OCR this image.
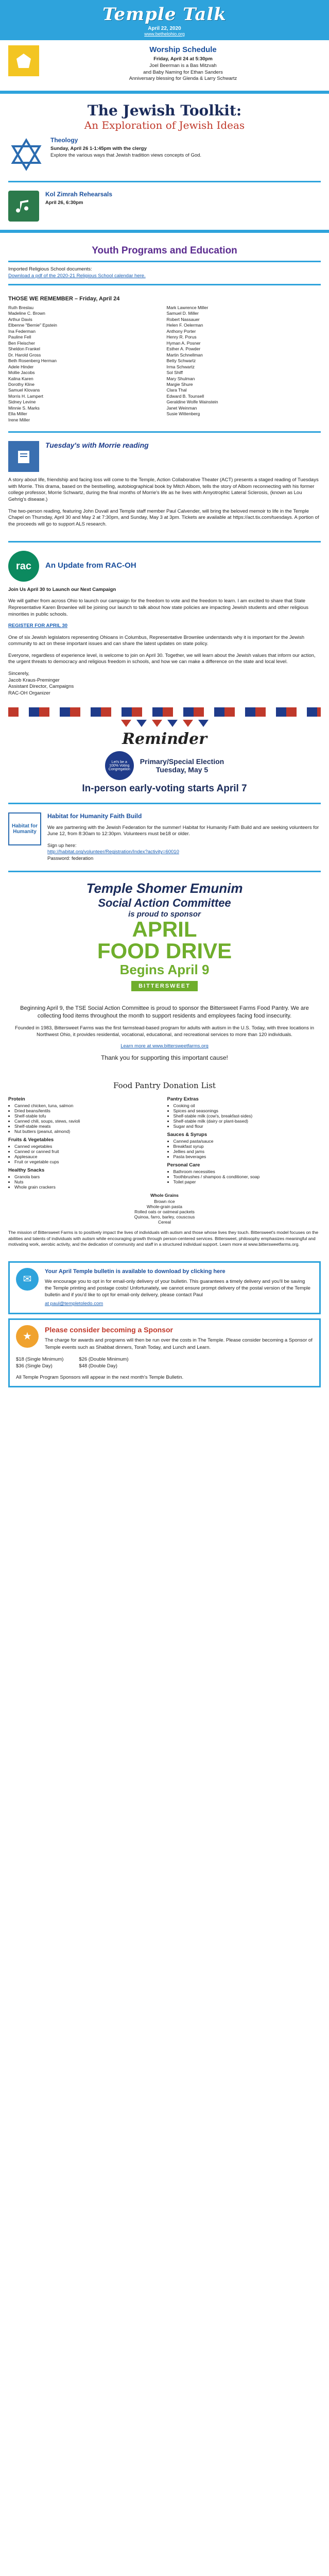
Temple Talk
April 22, 2020
www.bethelohio.org
Worship Schedule
Friday, April 24 at 5:30pm
Joel Beerman is a Bas Mitzvah
and Baby Naming for Ethan Sanders
Anniversary blessing for Glenda & Larry Schwartz
The Jewish Toolkit:
An Exploration of Jewish Ideas
Theology
Sunday, April 26 1-1:45pm with the clergy
Explore the various ways that Jewish tradition views concepts of God.
Kol Zimrah Rehearsals
April 26, 6:30pm
Youth Programs and Education
Imported Religious School documents:
Download a pdf of the 2020-21 Religious School calendar here.
THOSE WE REMEMBER – Friday, April 24
Ruth Breslau
Madeline C. Brown
Arthur Davis
Elbenne "Bernie" Epstein
Ina Federman
Pauline Fell
Ben Fleischer
Sheldon Frankel
Dr. Harold Gross
Beth Rosenberg Herman
Adele Hinder
Mollie Jacobs
Kalina Karen
Dorothy Kline
Samuel Klovans
Morris H. Lampert
Sidney Levine
Minnie S. Marks
Ella Miller
Irene Miller
Mark Lawrence Miller
Samuel D. Miller
Robert Nassauer
Helen F. Oelerman
Anthony Porter
Henry R. Porus
Hyman A. Posner
Esther A. Powder
Martin Schnellman
Betty Schwartz
Irma Schwartz
Sol Shiff
Mary Shulman
Margie Shure
Clara Thal
Edward B. Tounsell
Geraldine Wolfe Wainstein
Janet Weinman
Susie Wittenberg
Tuesday's with Morrie reading

A story about life, friendship and facing loss will come to the Temple, Action Collaborative Theater (ACT) presents a staged reading of Tuesdays with Morrie. This drama, based on the bestselling, autobiographical book by Mitch Albom, tells the story of Albom reconnecting with his former college professor, Morrie Schwartz, during the final months of Morrie's life as he lives with Amyotrophic Lateral Sclerosis, (known as Lou Gehrig's disease.)

The two-person reading, featuring John Duvall and Temple staff member Paul Calvender, will bring the beloved memoir to life in the Temple Chapel on Thursday, April 30 and May 2 at 7:30pm, and Sunday, May 3 at 3pm. Tickets are available at https://act.tix.com/tuesdays. A portion of the proceeds will go to support ALS research.

rac	An Update from RAC-OH

Join Us April 30 to Launch our Next Campaign

We will gather from across Ohio to launch our campaign for the freedom to vote and the freedom to learn. I am excited to share that State Representative Karen Brownlee will be joining our launch to talk about how state policies are impacting Jewish students and other religious minorities in public schools.

REGISTER FOR APRIL 30

One of six Jewish legislators representing Ohioans in Columbus, Representative Brownlee understands why it is important for the Jewish community to act on these important issues and can share the latest updates on state policy.

Everyone, regardless of experience level, is welcome to join on April 30. Together, we will learn about the Jewish values that inform our action, the urgent threats to democracy and religious freedom in schools, and how we can make a difference on the state and local level.

Sincerely,
Jacob Kraus-Preminger
Assistant Director, Campaigns
RAC-OH Organizer
Reminder
Let's be a 100% Voting Congregation
Primary/Special Election
Tuesday, May 5
In-person early-voting starts April 7
Habitat for Humanity
Habitat for Humanity Faith Build

We are partnering with the Jewish Federation for the summer! Habitat for Humanity Faith Build and are seeking volunteers for June 12, from 8:30am to 12:30pm. Volunteers must be18 or older.

Sign up here:
http://habitat.org/volunteer/Registration/Index?activity=60010
Password: federation
Temple Shomer Emunim
Social Action Committee
is proud to sponsor
APRIL
FOOD DRIVE
Begins April 9
BITTERSWEET

Beginning April 9, the TSE Social Action Committee is proud to sponsor the Bittersweet Farms Food Pantry. We are collecting food items throughout the month to support residents and employees facing food insecurity.

Founded in 1983, Bittersweet Farms was the first farmstead-based program for adults with autism in the U.S. Today, with three locations in Northwest Ohio, it provides residential, vocational, educational, and recreational services to more than 120 individuals.

Learn more at www.bittersweetfarms.org

Thank you for supporting this important cause!

Food Pantry Donation List
Protein
• Canned chicken, tuna, salmon
• Dried beans/lentils
• Shelf-stable tofu
• Canned chili, soups, stews, ravioli
• Shelf-stable meats
• Nut butters (peanut, almond)
Fruits & Vegetables
• Canned vegetables
• Canned or canned fruit
• Applesauce
• Fruit or vegetable cups
Healthy Snacks
• Granola bars
• Nuts
• Whole grain crackers
Pantry Extras
• Cooking oil
• Spices and seasonings
• Shelf-stable milk (cow's, breakfast-sides)
• Shelf-stable milk (dairy or plant-based)
• Sugar and flour
Sauces & Syrups
• Canned pasta/sauce
• Breakfast syrup
• Jellies and jams
• Pasta beverages
Personal Care
• Bathroom necessities
• Toothbrushes / shampoo & conditioner, soap
• Toilet paper
Whole Grains
Brown rice
Whole-grain pasta
Rolled oats or oatmeal packets
Quinoa, farro, barley, couscous
Cereal

The mission of Bittersweet Farms is to positively impact the lives of individuals with autism and those whose lives they touch. Bittersweet's model focuses on the abilities and talents of individuals with autism while encouraging growth through person-centered services. Bittersweet, philosophy emphasizes meaningful and motivating work, aerobic activity, and the dedication of community and staff in a structured individual support. Learn more at www.bittersweetfarms.org.

✉
Your April Temple bulletin is available to download by clicking here

We encourage you to opt in for email-only delivery of your bulletin. This guarantees a timely delivery and you'll be saving the Temple printing and postage costs! Unfortunately, we cannot ensure prompt delivery of the postal version of the Temple bulletin and if you'd like to opt for email-only delivery, please contact Paul

at paul@templetoledo.com
★
Please consider becoming a Sponsor

The charge for awards and programs will then be run over the costs in The Temple. Please consider becoming a Sponsor of Temple events such as Shabbat dinners, Torah Today, and Lunch and Learn.

$18 (Single Minimum)
$36 (Single Day)
$26 (Double Minimum)
$48 (Double Day)

All Temple Program Sponsors will appear in the next month's Temple Bulletin.
